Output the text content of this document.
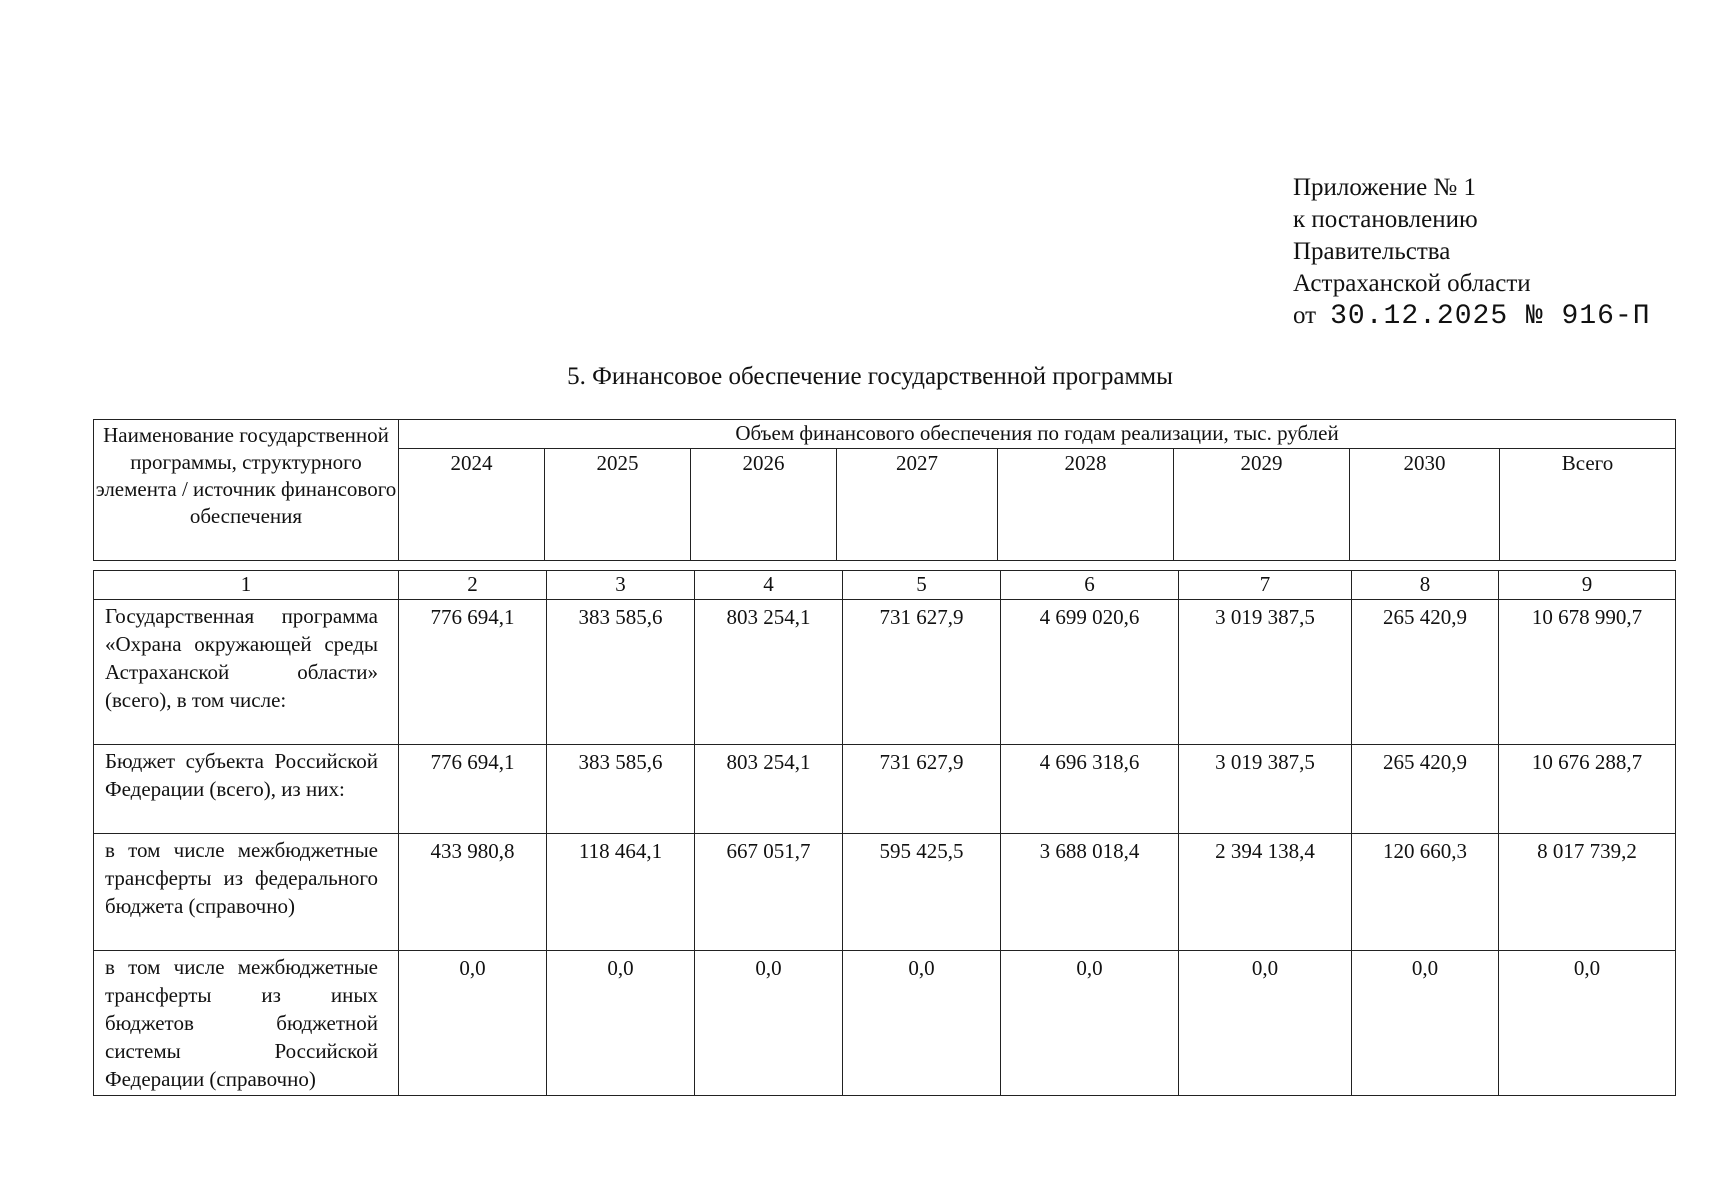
Приложение № 1
к постановлению
Правительства
Астраханской области
от 30.12.2025 № 916-П
5. Финансовое обеспечение государственной программы
Наименование государственной программы, структурного элемента / источник финансового обеспечения	Объем финансового обеспечения по годам реализации, тыс. рублей							
	2024	2025	2026	2027	2028	2029	2030	Всего
1	2	3	4	5	6	7	8	9
Государственная программа «Охрана окружающей среды Астраханской области» (всего), в том числе:	776 694,1	383 585,6	803 254,1	731 627,9	4 699 020,6	3 019 387,5	265 420,9	10 678 990,7
Бюджет субъекта Российской Федерации (всего), из них:	776 694,1	383 585,6	803 254,1	731 627,9	4 696 318,6	3 019 387,5	265 420,9	10 676 288,7
в том числе межбюджетные трансферты из федерального бюджета (справочно)	433 980,8	118 464,1	667 051,7	595 425,5	3 688 018,4	2 394 138,4	120 660,3	8 017 739,2
в том числе межбюджетные трансферты из иных бюджетов бюджетной системы Российской Федерации (справочно)	0,0	0,0	0,0	0,0	0,0	0,0	0,0	0,0
